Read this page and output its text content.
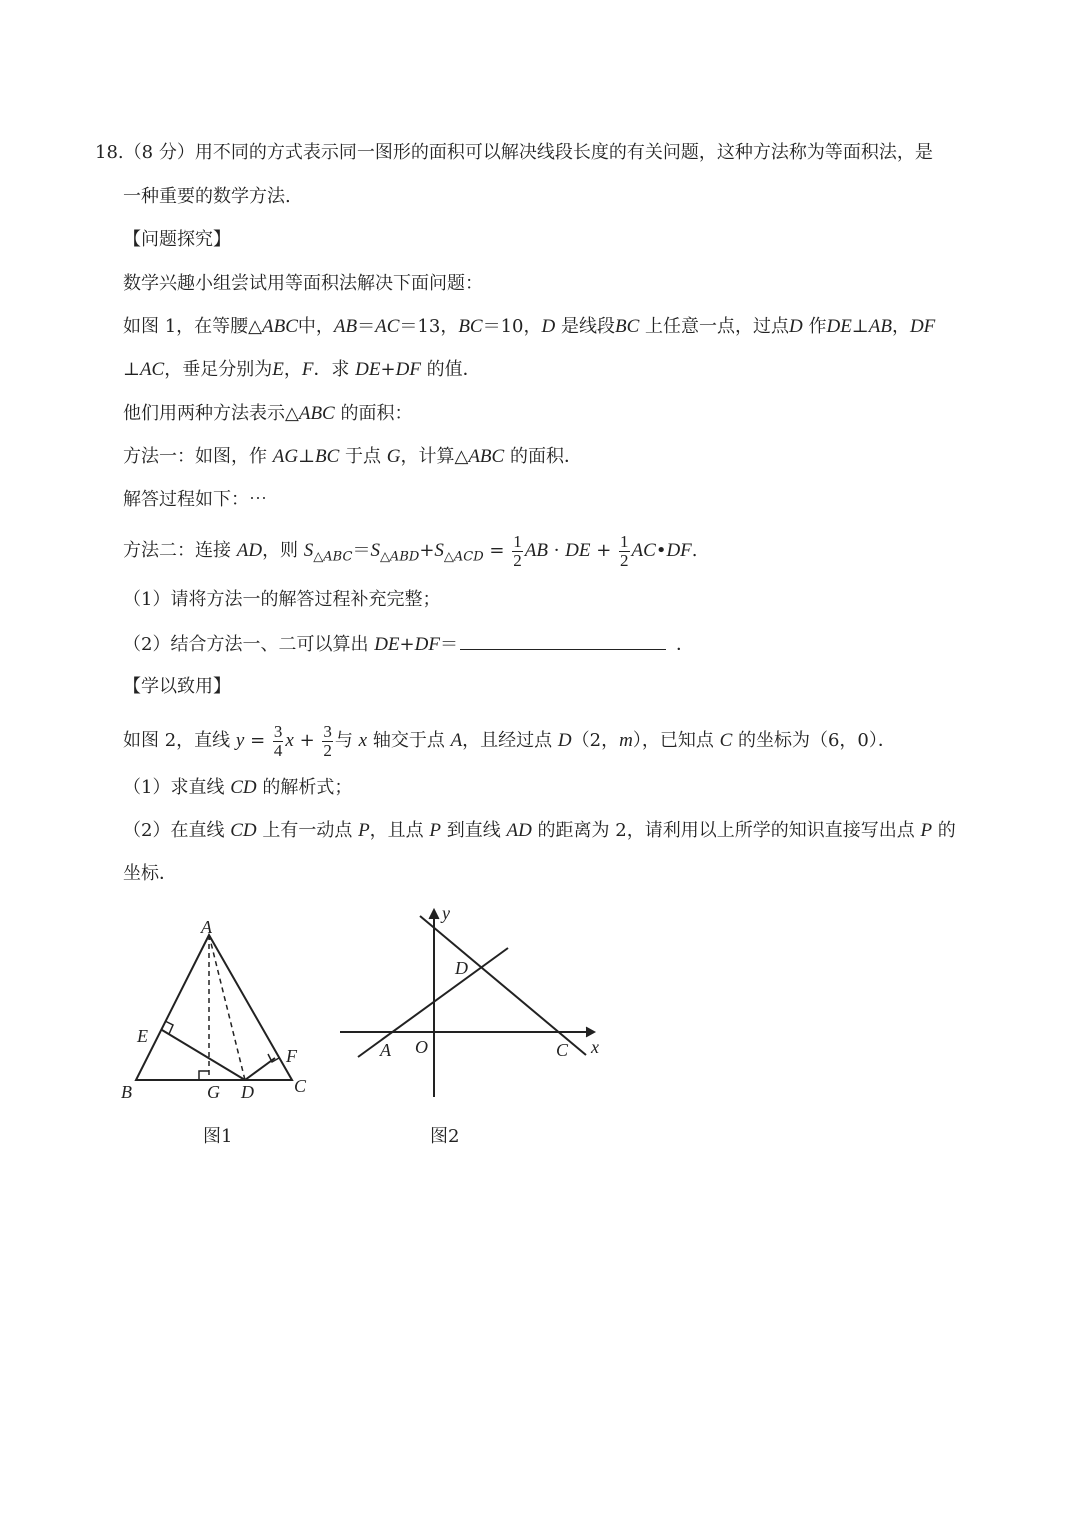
18.（8 分）用不同的方式表示同一图形的面积可以解决线段长度的有关问题，这种方法称为等面积法，是
一种重要的数学方法.
【问题探究】
数学兴趣小组尝试用等面积法解决下面问题：
如图 1，在等腰△ABC中，AB＝AC＝13，BC＝10，D 是线段BC 上任意一点，过点D 作DE⊥AB，DF
⊥AC，垂足分别为E，F．求 DE+DF 的值．
他们用两种方法表示△ABC 的面积：
方法一：如图，作 AG⊥BC 于点 G，计算△ABC 的面积．
解答过程如下：⋯
方法二：连接 AD，则 $S_{\triangle ABC}=S_{\triangle ABD}+S_{\triangle ACD} = \frac{1}{2}$ AB · DE + $\frac{1}{2}$ AC•DF.
（1）请将方法一的解答过程补充完整；
（2）结合方法一、二可以算出 DE+DF＝	．
【学以致用】
如图 2，直线 $y = \frac{3}{4}$ $x + \frac{3}{2}$ 与 x 轴交于点 A，且经过点 D（2，m），已知点 C 的坐标为（6，0）．
（1）求直线 CD 的解析式；
（2）在直线 CD 上有一动点 P，且点 P 到直线 AD 的距离为 2，请利用以上所学的知识直接写出点 P 的
坐标．
A
E
F
B	G D C
图1
y
D
A O	C x
图2
